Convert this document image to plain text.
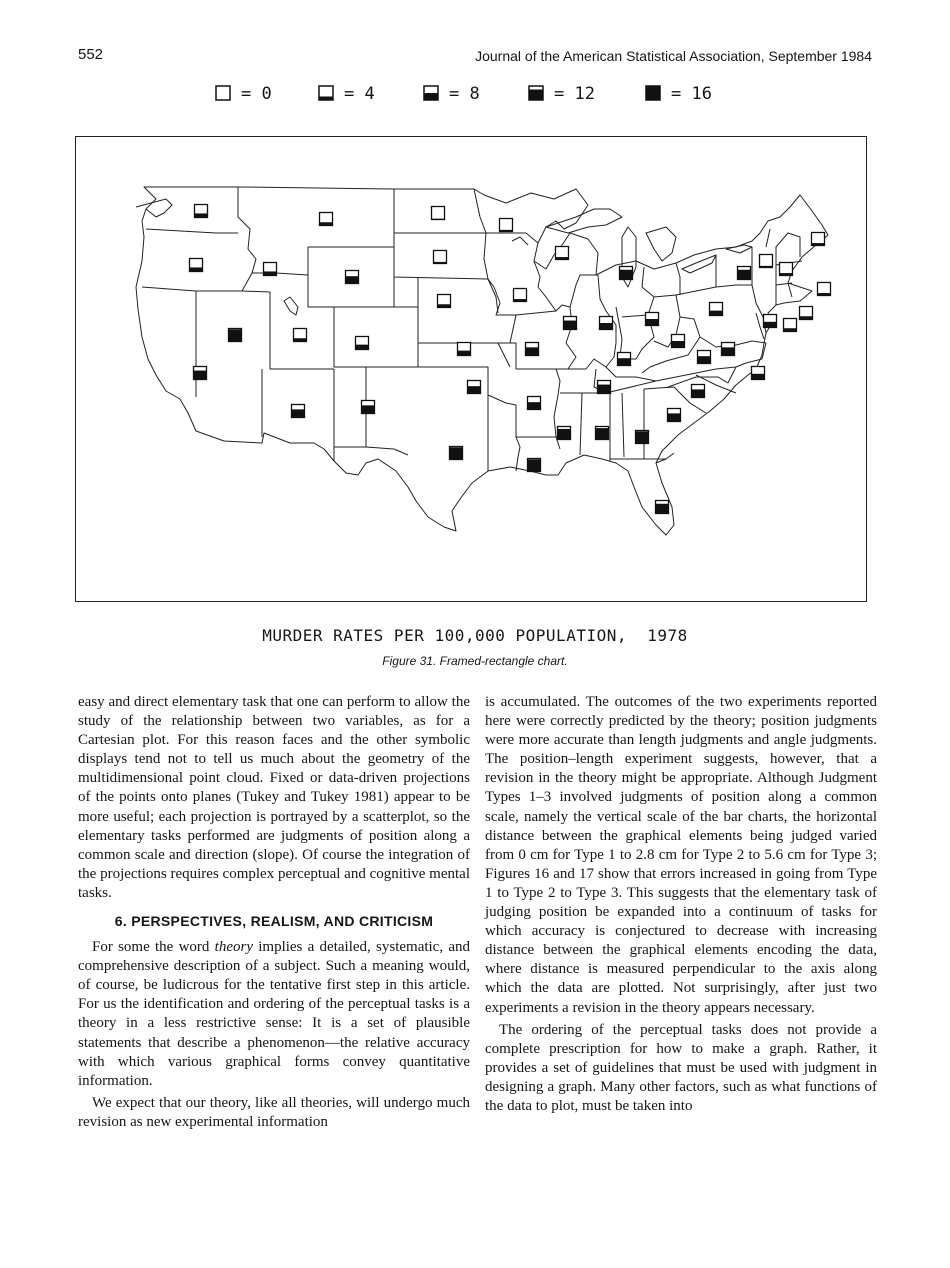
552	Journal of the American Statistical Association, September 1984
= 0	= 4	= 8	= 12	= 16
MURDER RATES PER 100,000 POPULATION,  1978
Figure 31. Framed-rectangle chart.

easy and direct elementary task that one can perform to allow the study of the relationship between two variables, as for a Cartesian plot. For this reason faces and the other symbolic displays tend not to tell us much about the geometry of the multidimensional point cloud. Fixed or data-driven projections of the points onto planes (Tukey and Tukey 1981) appear to be more useful; each projection is portrayed by a scatterplot, so the elementary tasks performed are judgments of position along a common scale and direction (slope). Of course the integration of the projections requires complex perceptual and cognitive mental tasks.

6. PERSPECTIVES, REALISM, AND CRITICISM

For some the word theory implies a detailed, systematic, and comprehensive description of a subject. Such a meaning would, of course, be ludicrous for the tentative first step in this article. For us the identification and ordering of the perceptual tasks is a theory in a less restrictive sense: It is a set of plausible statements that describe a phenomenon—the relative accuracy with which various graphical forms convey quantitative information.

We expect that our theory, like all theories, will undergo much revision as new experimental information

is accumulated. The outcomes of the two experiments reported here were correctly predicted by the theory; position judgments were more accurate than length judgments and angle judgments. The position–length experiment suggests, however, that a revision in the theory might be appropriate. Although Judgment Types 1–3 involved judgments of position along a common scale, namely the vertical scale of the bar charts, the horizontal distance between the graphical elements being judged varied from 0 cm for Type 1 to 2.8 cm for Type 2 to 5.6 cm for Type 3; Figures 16 and 17 show that errors increased in going from Type 1 to Type 2 to Type 3. This suggests that the elementary task of judging position be expanded into a continuum of tasks for which accuracy is conjectured to decrease with increasing distance between the graphical elements encoding the data, where distance is measured perpendicular to the axis along which the data are plotted. Not surprisingly, after just two experiments a revision in the theory appears necessary.

The ordering of the perceptual tasks does not provide a complete prescription for how to make a graph. Rather, it provides a set of guidelines that must be used with judgment in designing a graph. Many other factors, such as what functions of the data to plot, must be taken into
